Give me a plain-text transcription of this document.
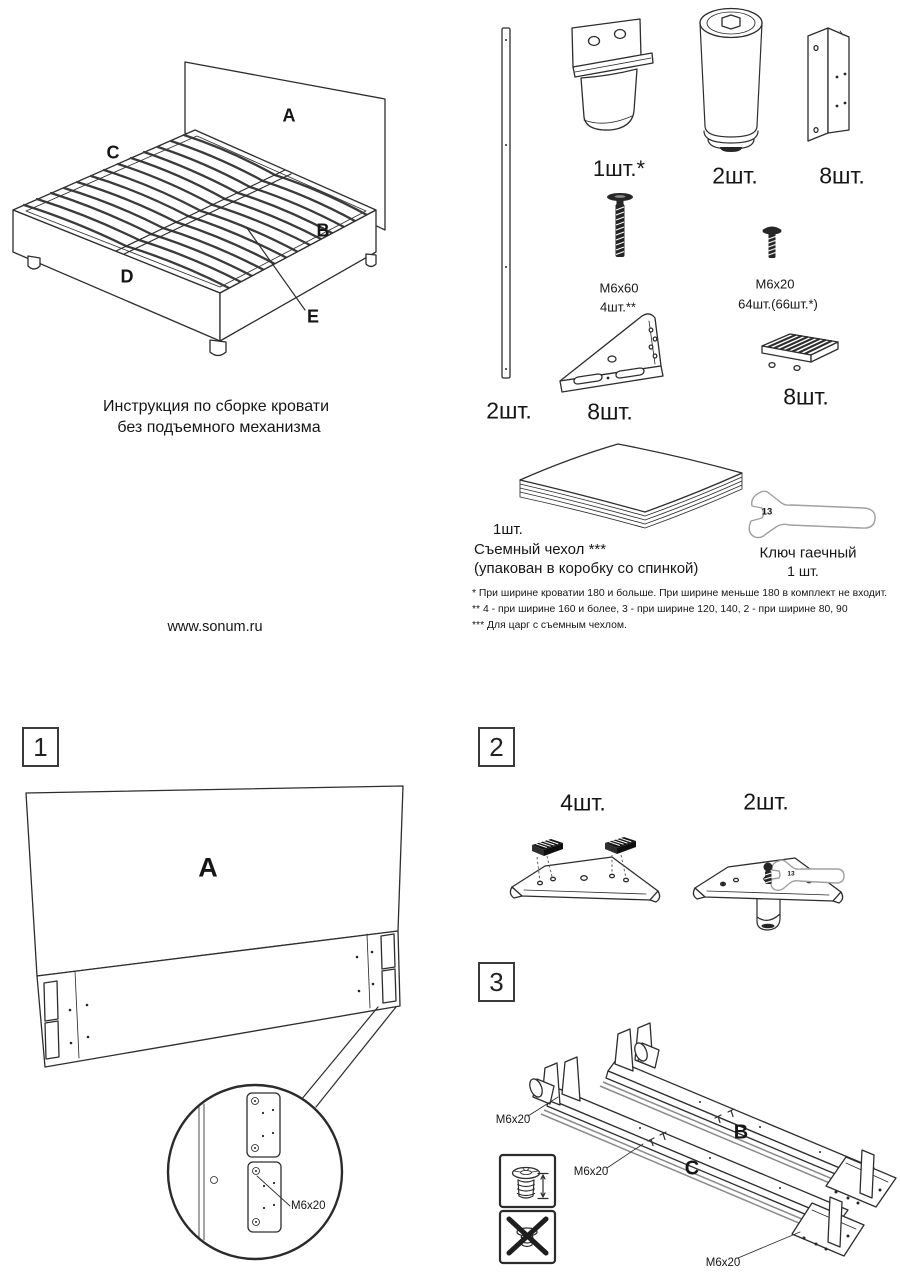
A
C
B
D
E
Инструкция по сборке кровати
без подъемного механизма
www.sonum.ru
2шт.
1шт.*	2шт.	8шт.
M6x60
4шт.**
M6x20
64шт.(66шт.*)
8шт.
8шт.
13
1шт.
Съемный чехол ***
(упакован в коробку со спинкой)
Ключ гаечный
1 шт.
* При ширине кроватии 180 и больше. При ширине меньше 180 в комплект не входит.
** 4 - при ширине 160 и более, 3 - при ширине 120, 140, 2 - при ширине 80, 90
*** Для царг с съемным чехлом.
1
A
M6x20
2
4шт.	2шт.
13
3
B
C
M6x20
M6x20
M6x20
